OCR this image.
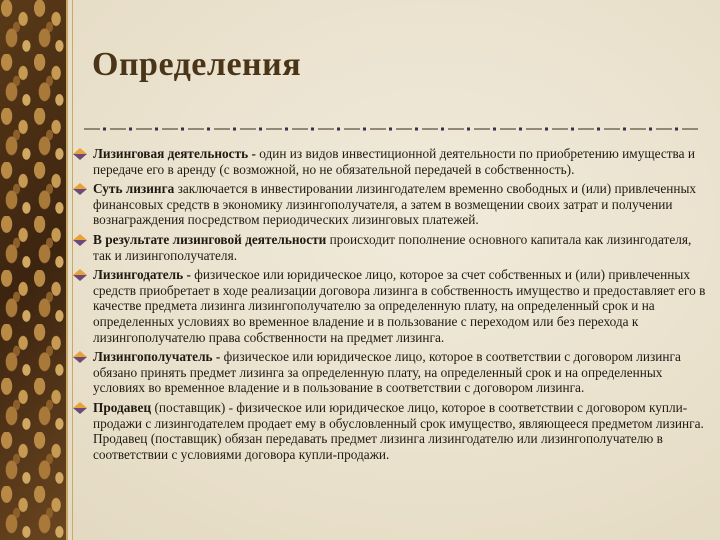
Определения
Лизинговая деятельность - один из видов инвестиционной деятельности по приобретению имущества и передаче его в аренду (с возможной, но не обязательной передачей в собственность).
Суть лизинга заключается в инвестировании лизингодателем временно свободных и (или) привлеченных финансовых средств в экономику лизингополучателя, а затем в возмещении своих затрат и получении вознаграждения посредством периодических лизинговых платежей.
В результате лизинговой деятельности происходит пополнение основного капитала как лизингодателя, так и лизингополучателя.
Лизингодатель - физическое или юридическое лицо, которое за счет собственных и (или) привлеченных средств приобретает в ходе реализации договора лизинга в собственность имущество и предоставляет его в качестве предмета лизинга лизингополучателю за определенную плату, на определенный срок и на определенных условиях во временное владение и в пользование с переходом или без перехода к лизингополучателю права собственности на предмет лизинга.
Лизингополучатель - физическое или юридическое лицо, которое в соответствии с договором лизинга обязано принять предмет лизинга за определенную плату, на определенный срок и на определенных условиях во временное владение и в пользование в соответствии с договором лизинга.
Продавец (поставщик) - физическое или юридическое лицо, которое в соответствии с договором купли-продажи с лизингодателем продает ему в обусловленный срок имущество, являющееся предметом лизинга. Продавец (поставщик) обязан передавать предмет лизинга лизингодателю или лизингополучателю в соответствии с условиями договора купли-продажи.
